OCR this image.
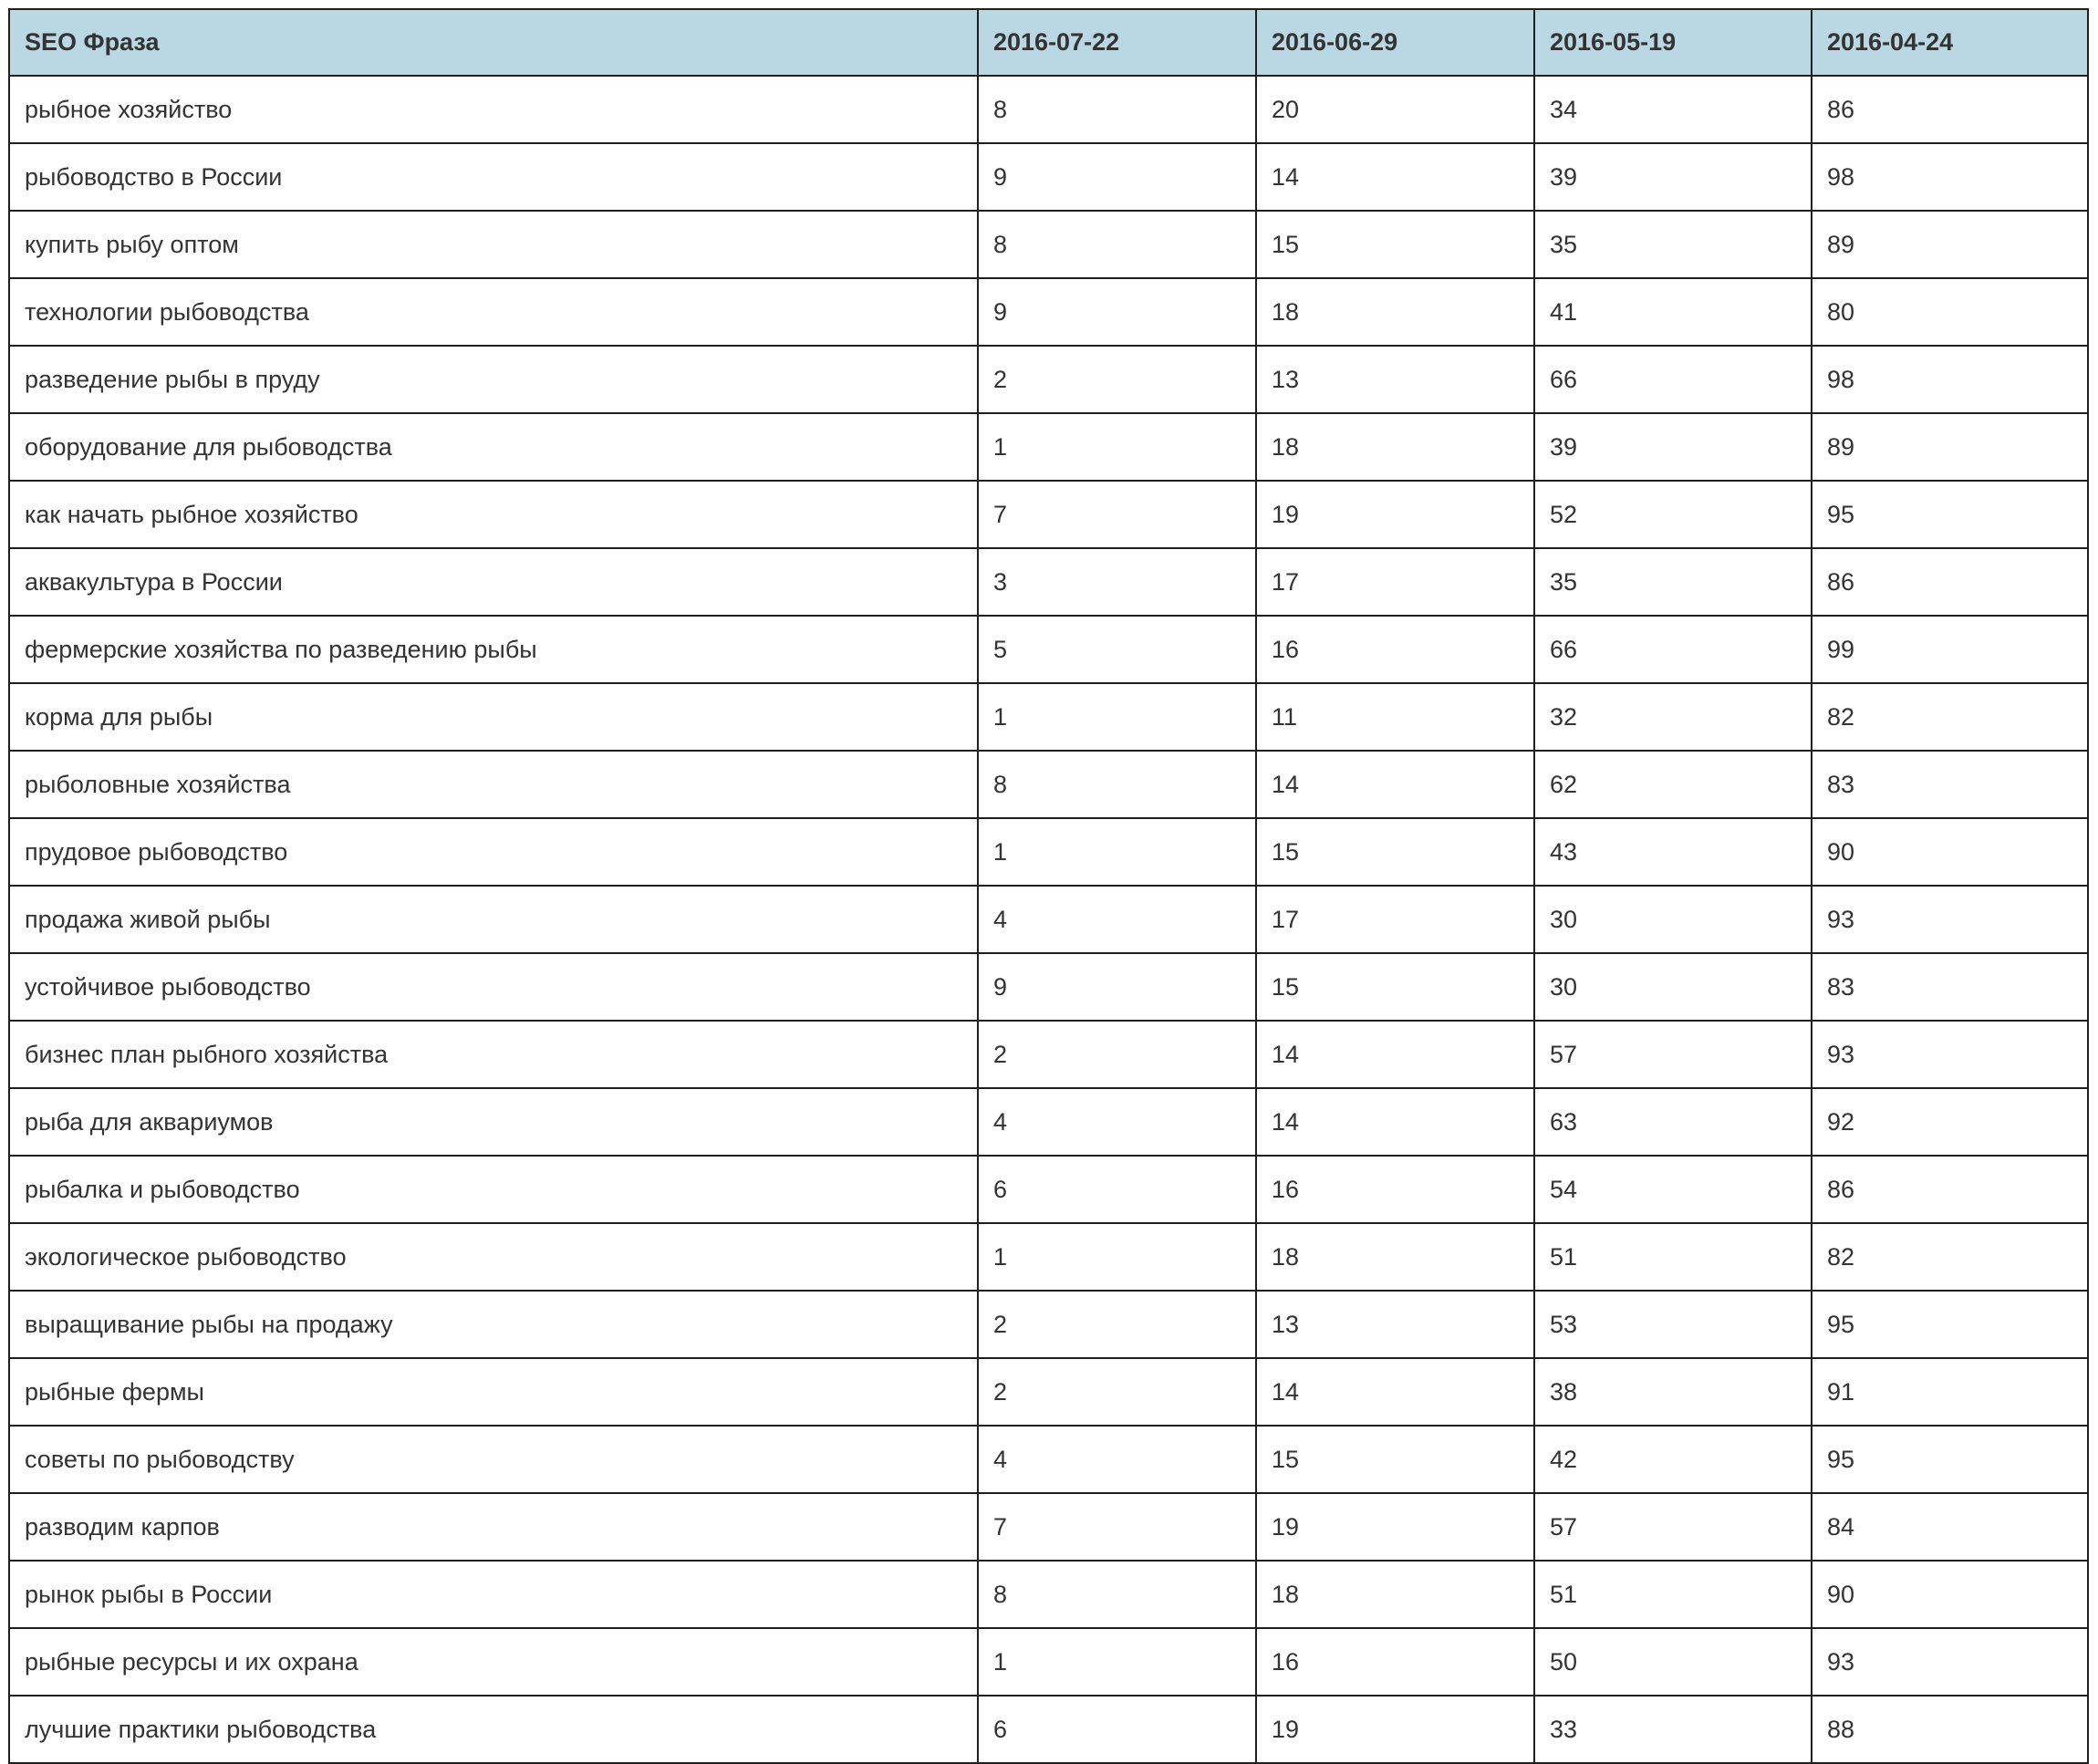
SEO Фраза	2016-07-22	2016-06-29	2016-05-19	2016-04-24
рыбное хозяйство	8	20	34	86
рыбоводство в России	9	14	39	98
купить рыбу оптом	8	15	35	89
технологии рыбоводства	9	18	41	80
разведение рыбы в пруду	2	13	66	98
оборудование для рыбоводства	1	18	39	89
как начать рыбное хозяйство	7	19	52	95
аквакультура в России	3	17	35	86
фермерские хозяйства по разведению рыбы	5	16	66	99
корма для рыбы	1	11	32	82
рыболовные хозяйства	8	14	62	83
прудовое рыбоводство	1	15	43	90
продажа живой рыбы	4	17	30	93
устойчивое рыбоводство	9	15	30	83
бизнес план рыбного хозяйства	2	14	57	93
рыба для аквариумов	4	14	63	92
рыбалка и рыбоводство	6	16	54	86
экологическое рыбоводство	1	18	51	82
выращивание рыбы на продажу	2	13	53	95
рыбные фермы	2	14	38	91
советы по рыбоводству	4	15	42	95
разводим карпов	7	19	57	84
рынок рыбы в России	8	18	51	90
рыбные ресурсы и их охрана	1	16	50	93
лучшие практики рыбоводства	6	19	33	88
